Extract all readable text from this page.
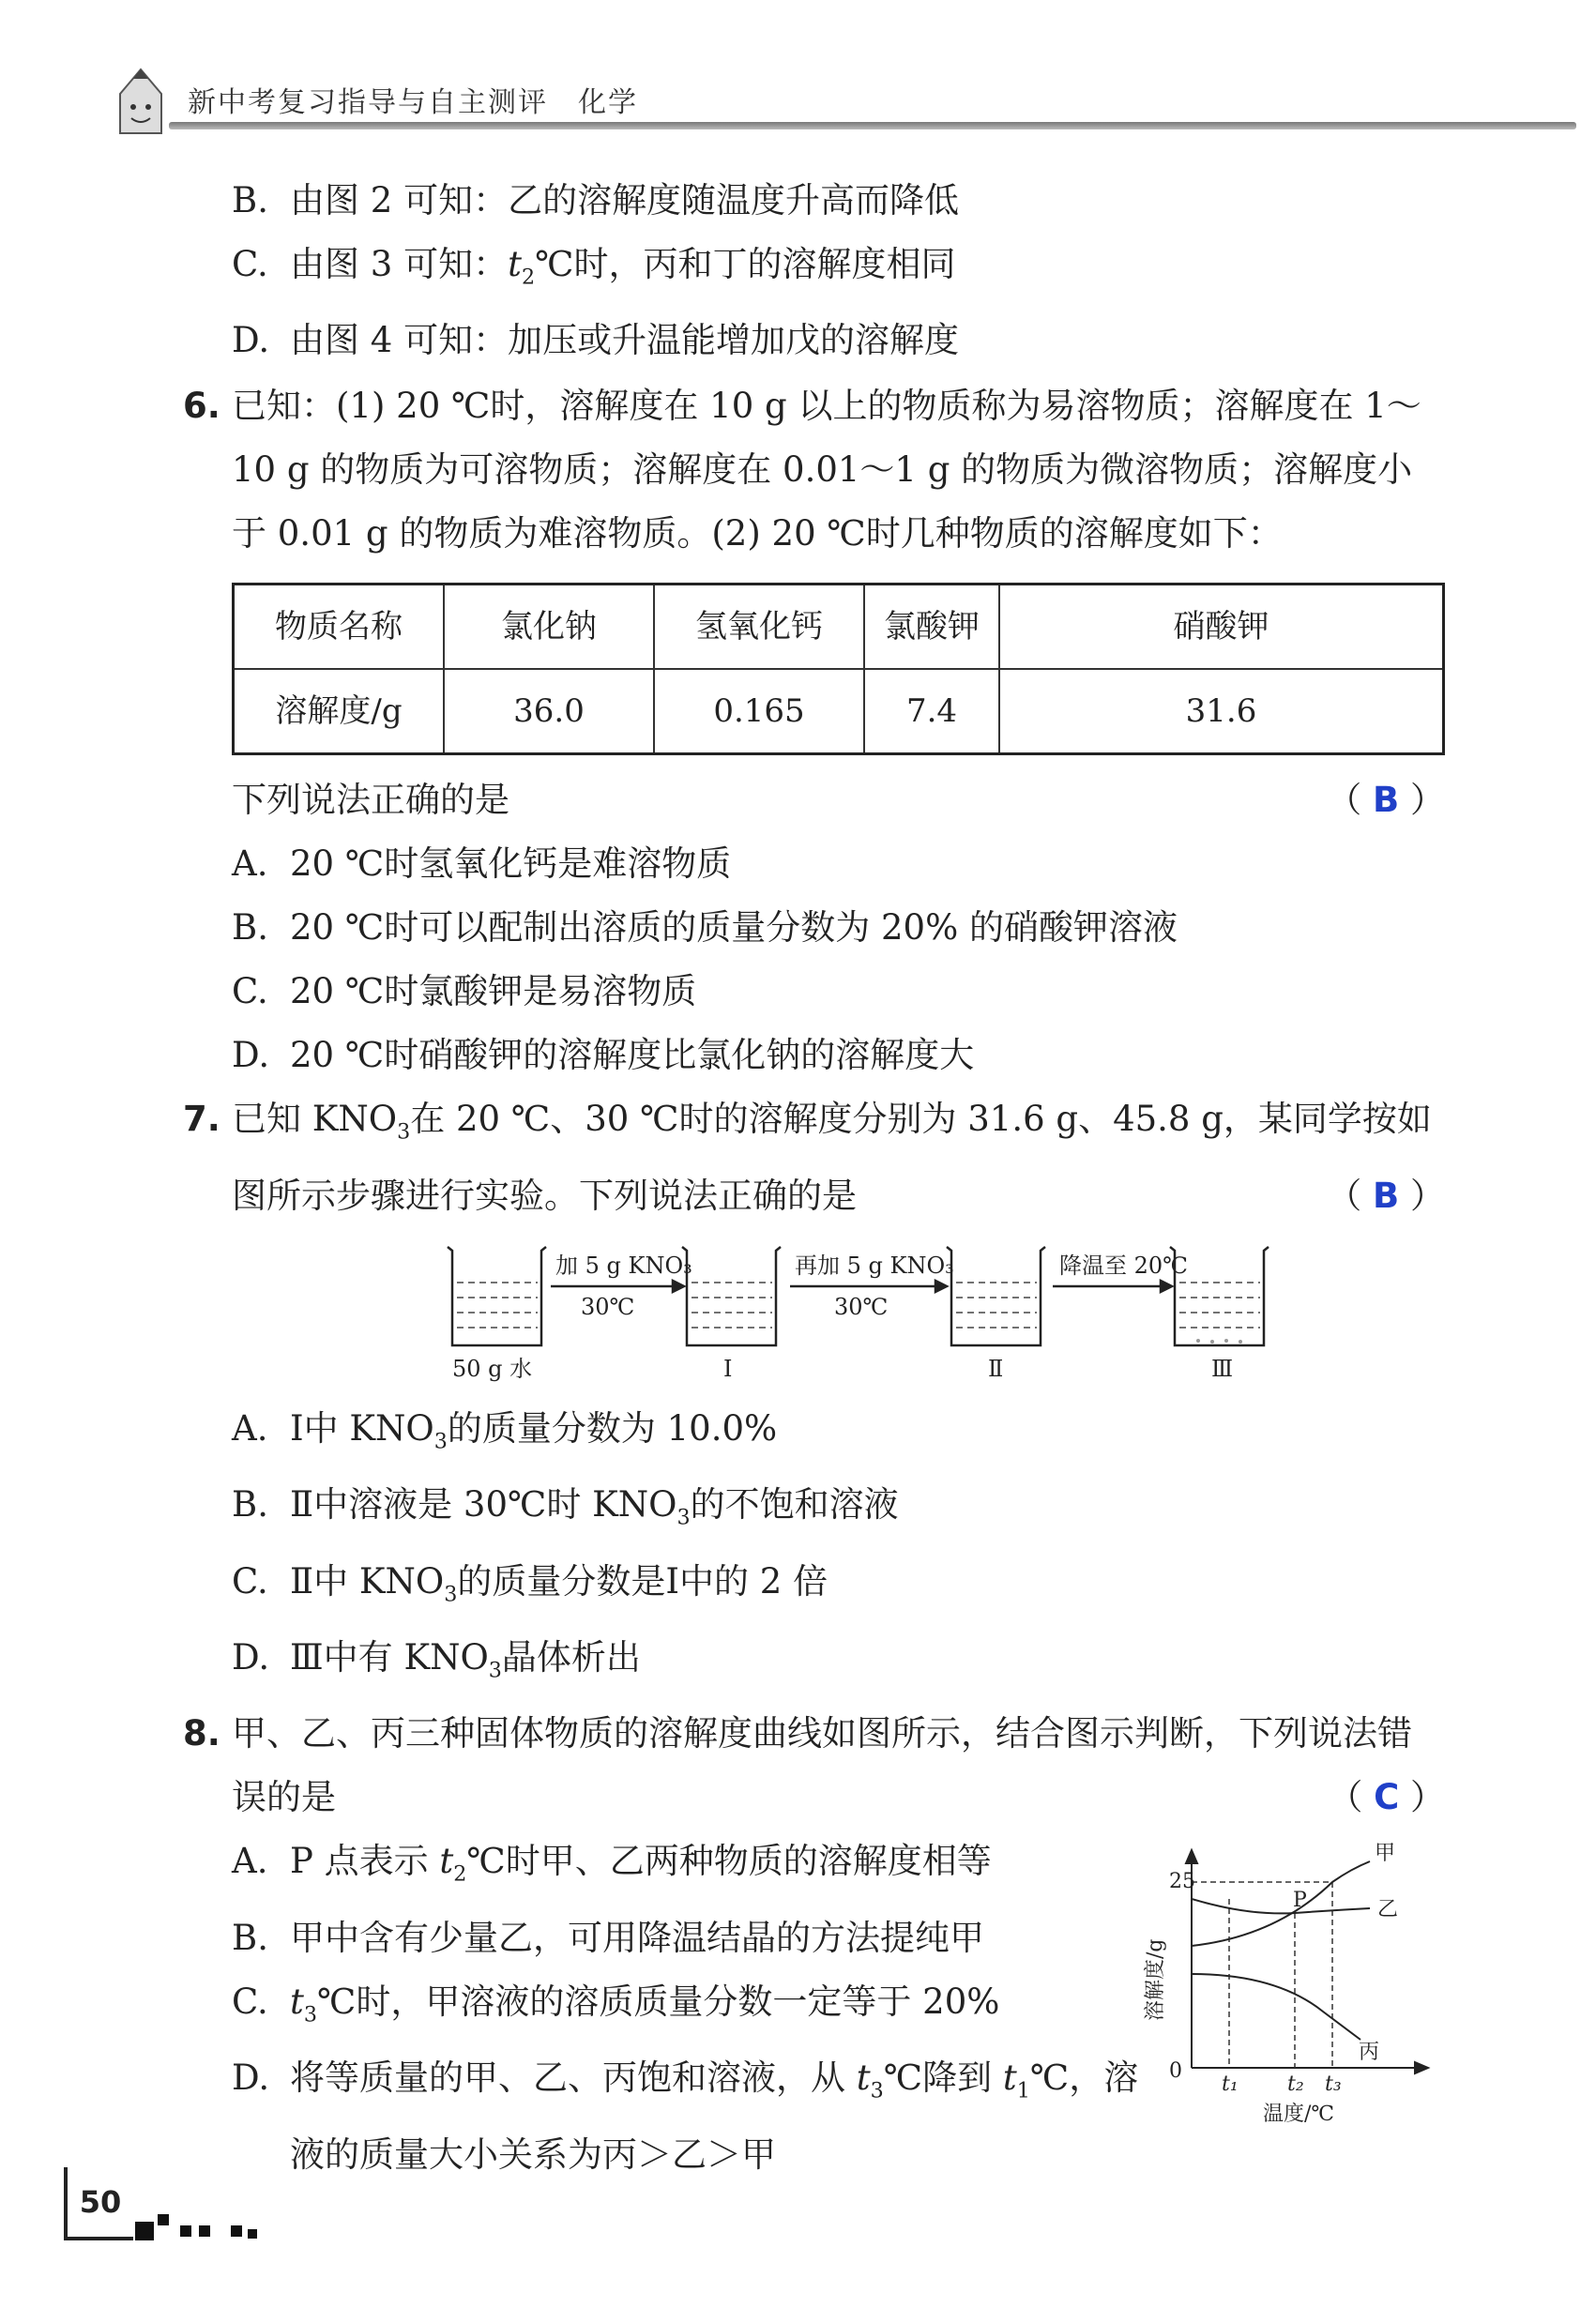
新中考复习指导与自主测评　化学
B. 由图 2 可知：乙的溶解度随温度升高而降低
C. 由图 3 可知：$t_2℃$时，丙和丁的溶解度相同
D. 由图 4 可知：加压或升温能增加戊的溶解度
6. 已知：(1) 20 ℃时，溶解度在 10 g 以上的物质称为易溶物质；溶解度在 1～10 g 的物质为可溶物质；溶解度在 0.01～1 g 的物质为微溶物质；溶解度小于 0.01 g 的物质为难溶物质。(2) 20 ℃时几种物质的溶解度如下：
物质名称	氯化钠	氢氧化钙	氯酸钾	硝酸钾
溶解度/g	36.0	0.165	7.4	31.6
下列说法正确的是	（ B ）
A. 20 ℃时氢氧化钙是难溶物质
B. 20 ℃时可以配制出溶质的质量分数为 20% 的硝酸钾溶液
C. 20 ℃时氯酸钾是易溶物质
D. 20 ℃时硝酸钾的溶解度比氯化钠的溶解度大
7. 已知 $KNO_3$在 20 ℃、30 ℃时的溶解度分别为 31.6 g、45.8 g，某同学按如图所示步骤进行实验。下列说法正确的是	（ B ）
加 5 g KNO₃
30℃
再加 5 g KNO₃
30℃
降温至 20℃
50 g 水	Ⅰ	Ⅱ	Ⅲ
A. Ⅰ中 $KNO_3$的质量分数为 10.0%
B. Ⅱ中溶液是 30℃时 $KNO_3$的不饱和溶液
C. Ⅱ中 $KNO_3$的质量分数是Ⅰ中的 2 倍
D. Ⅲ中有 $KNO_3$晶体析出
8. 甲、乙、丙三种固体物质的溶解度曲线如图所示，结合图示判断，下列说法错误的是	（ C ）
A. P 点表示 $t_2℃$时甲、乙两种物质的溶解度相等
B. 甲中含有少量乙，可用降温结晶的方法提纯甲
C. $t_3℃$时，甲溶液的溶质质量分数一定等于 20%
D. 将等质量的甲、乙、丙饱和溶液，从 $t_3℃$降到 $t_1℃$，溶
液的质量大小关系为丙＞乙＞甲
25
0
t₁ t₂ t₃
甲
乙
丙
P
温度/℃
溶解度/g
50
